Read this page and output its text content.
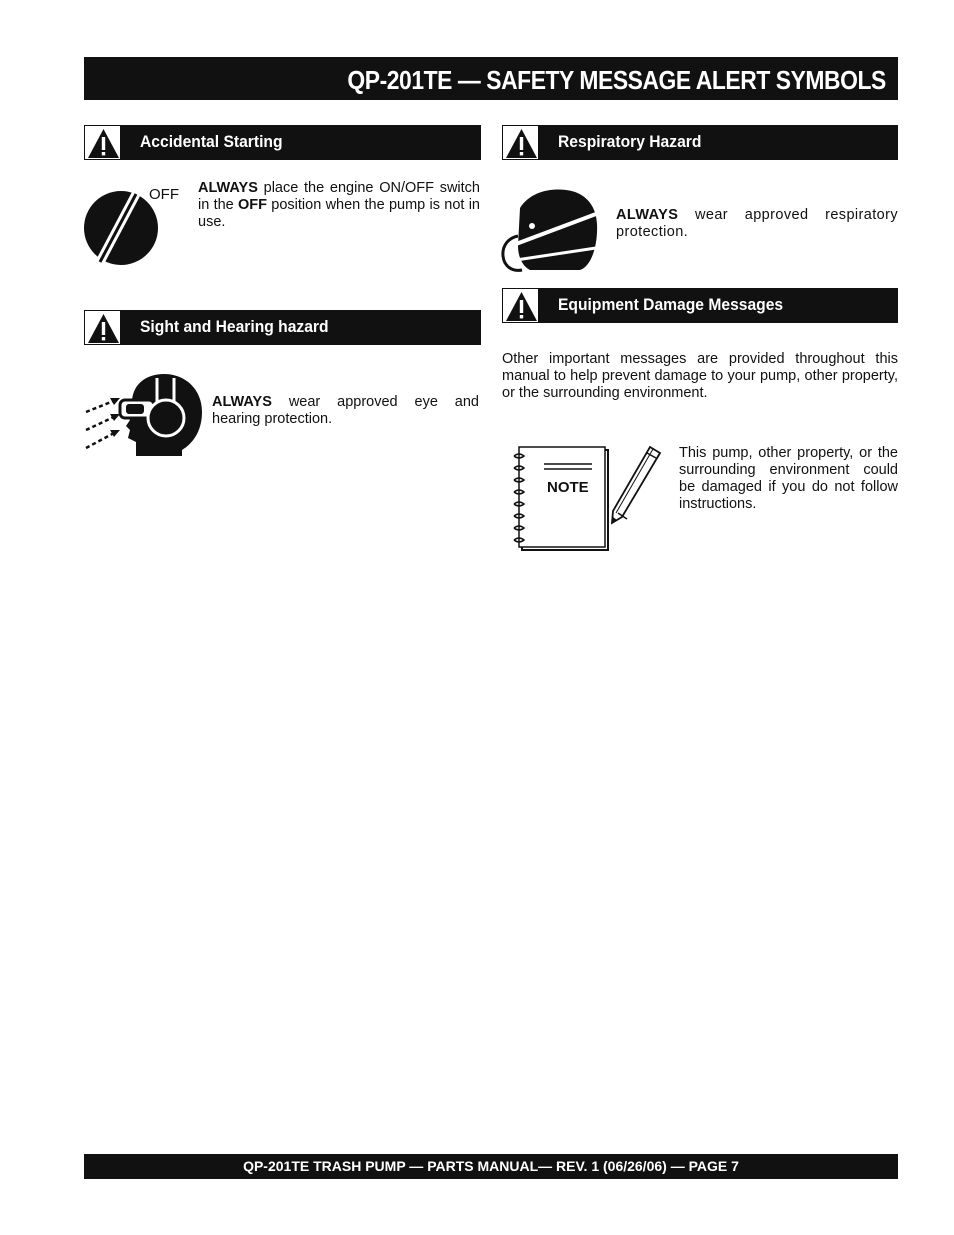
QP-201TE — SAFETY MESSAGE ALERT SYMBOLS
Accidental Starting
OFF ALWAYS place the engine ON/OFF switch in the OFF position when the pump is not in use.
Sight and Hearing hazard
ALWAYS wear approved eye and hearing protection.
Respiratory Hazard
ALWAYS wear approved respiratory protection.
Equipment Damage Messages
Other important messages are provided throughout this manual to help prevent damage to your pump, other property, or the surrounding environment.
NOTE
This pump, other property, or the surrounding environment could be damaged if you do not follow instructions.
QP-201TE TRASH PUMP — PARTS MANUAL— REV. 1 (06/26/06) — PAGE 7
